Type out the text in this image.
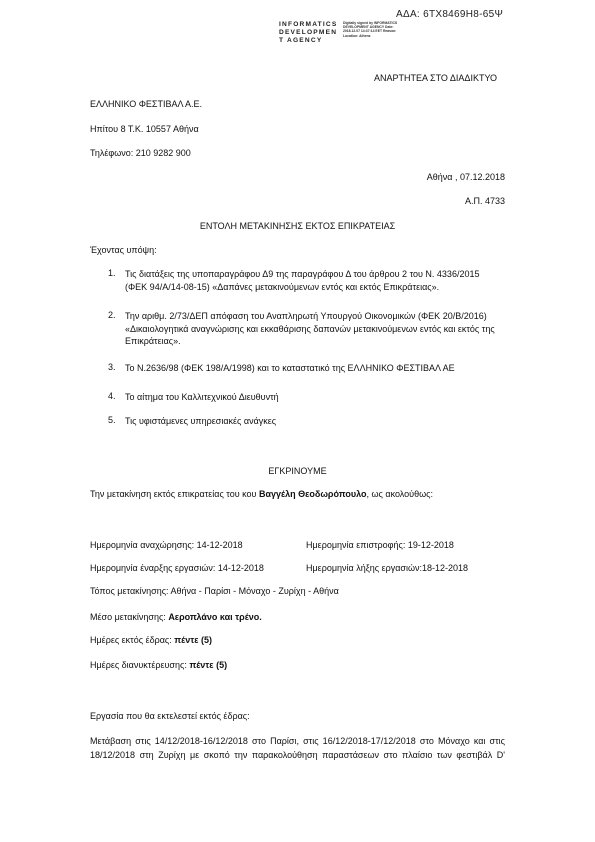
ΑΔΑ: 6ΤΧ8469Η8-65Ψ
INFORMATICS
DEVELOPMEN
T AGENCY
Digitally signed by INFORMATICS DEVELOPMENT AGENCY Date: 2018.12.07 14:37:14 EET Reason: Location: Athens
ΑΝΑΡΤΗΤΕΑ ΣΤΟ ΔΙΑΔΙΚΤΥΟ
ΕΛΛΗΝΙΚΟ ΦΕΣΤΙΒΑΛ Α.Ε.
Ηπίτου 8 Τ.Κ. 10557 Αθήνα
Τηλέφωνο: 210 9282 900
Αθήνα , 07.12.2018
Α.Π. 4733
ΕΝΤΟΛΗ ΜΕΤΑΚΙΝΗΣΗΣ ΕΚΤΟΣ ΕΠΙΚΡΑΤΕΙΑΣ
Έχοντας υπόψη:
1.	Τις διατάξεις της υποπαραγράφου Δ9 της παραγράφου Δ του άρθρου 2 του Ν. 4336/2015
(ΦΕΚ 94/Α/14-08-15) «Δαπάνες μετακινούμενων εντός και εκτός Επικράτειας».
2.	Την αριθμ. 2/73/ΔΕΠ απόφαση του Αναπληρωτή Υπουργού Οικονομικών (ΦΕΚ 20/Β/2016)
«Δικαιολογητικά αναγνώρισης και εκκαθάρισης δαπανών μετακινούμενων εντός και εκτός της
Επικράτειας».
3.	Το Ν.2636/98 (ΦΕΚ 198/Α/1998) και το καταστατικό της ΕΛΛΗΝΙΚΟ ΦΕΣΤΙΒΑΛ ΑΕ
4.	Το αίτημα του Καλλιτεχνικού Διευθυντή
5.	Τις υφιστάμενες υπηρεσιακές ανάγκες
ΕΓΚΡΙΝΟΥΜΕ
Την μετακίνηση εκτός επικρατείας του κου Βαγγέλη Θεοδωρόπουλο, ως ακολούθως:
Ημερομηνία αναχώρησης: 14-12-2018	Ημερομηνία επιστροφής: 19-12-2018
Ημερομηνία έναρξης εργασιών: 14-12-2018	Ημερομηνία λήξης εργασιών:18-12-2018
Τόπος μετακίνησης: Αθήνα - Παρίσι - Μόναχο - Ζυρίχη - Αθήνα
Μέσο μετακίνησης: Αεροπλάνο και τρένο.
Ημέρες εκτός έδρας: πέντε (5)
Ημέρες διανυκτέρευσης: πέντε (5)
Εργασία που θα εκτελεστεί εκτός έδρας:
Μετάβαση στις 14/12/2018-16/12/2018 στο Παρίσι, στις 16/12/2018-17/12/2018 στο Μόναχο και στις
18/12/2018 στη Ζυρίχη με σκοπό την παρακολούθηση παραστάσεων στο πλαίσιο των φεστιβάλ D'
